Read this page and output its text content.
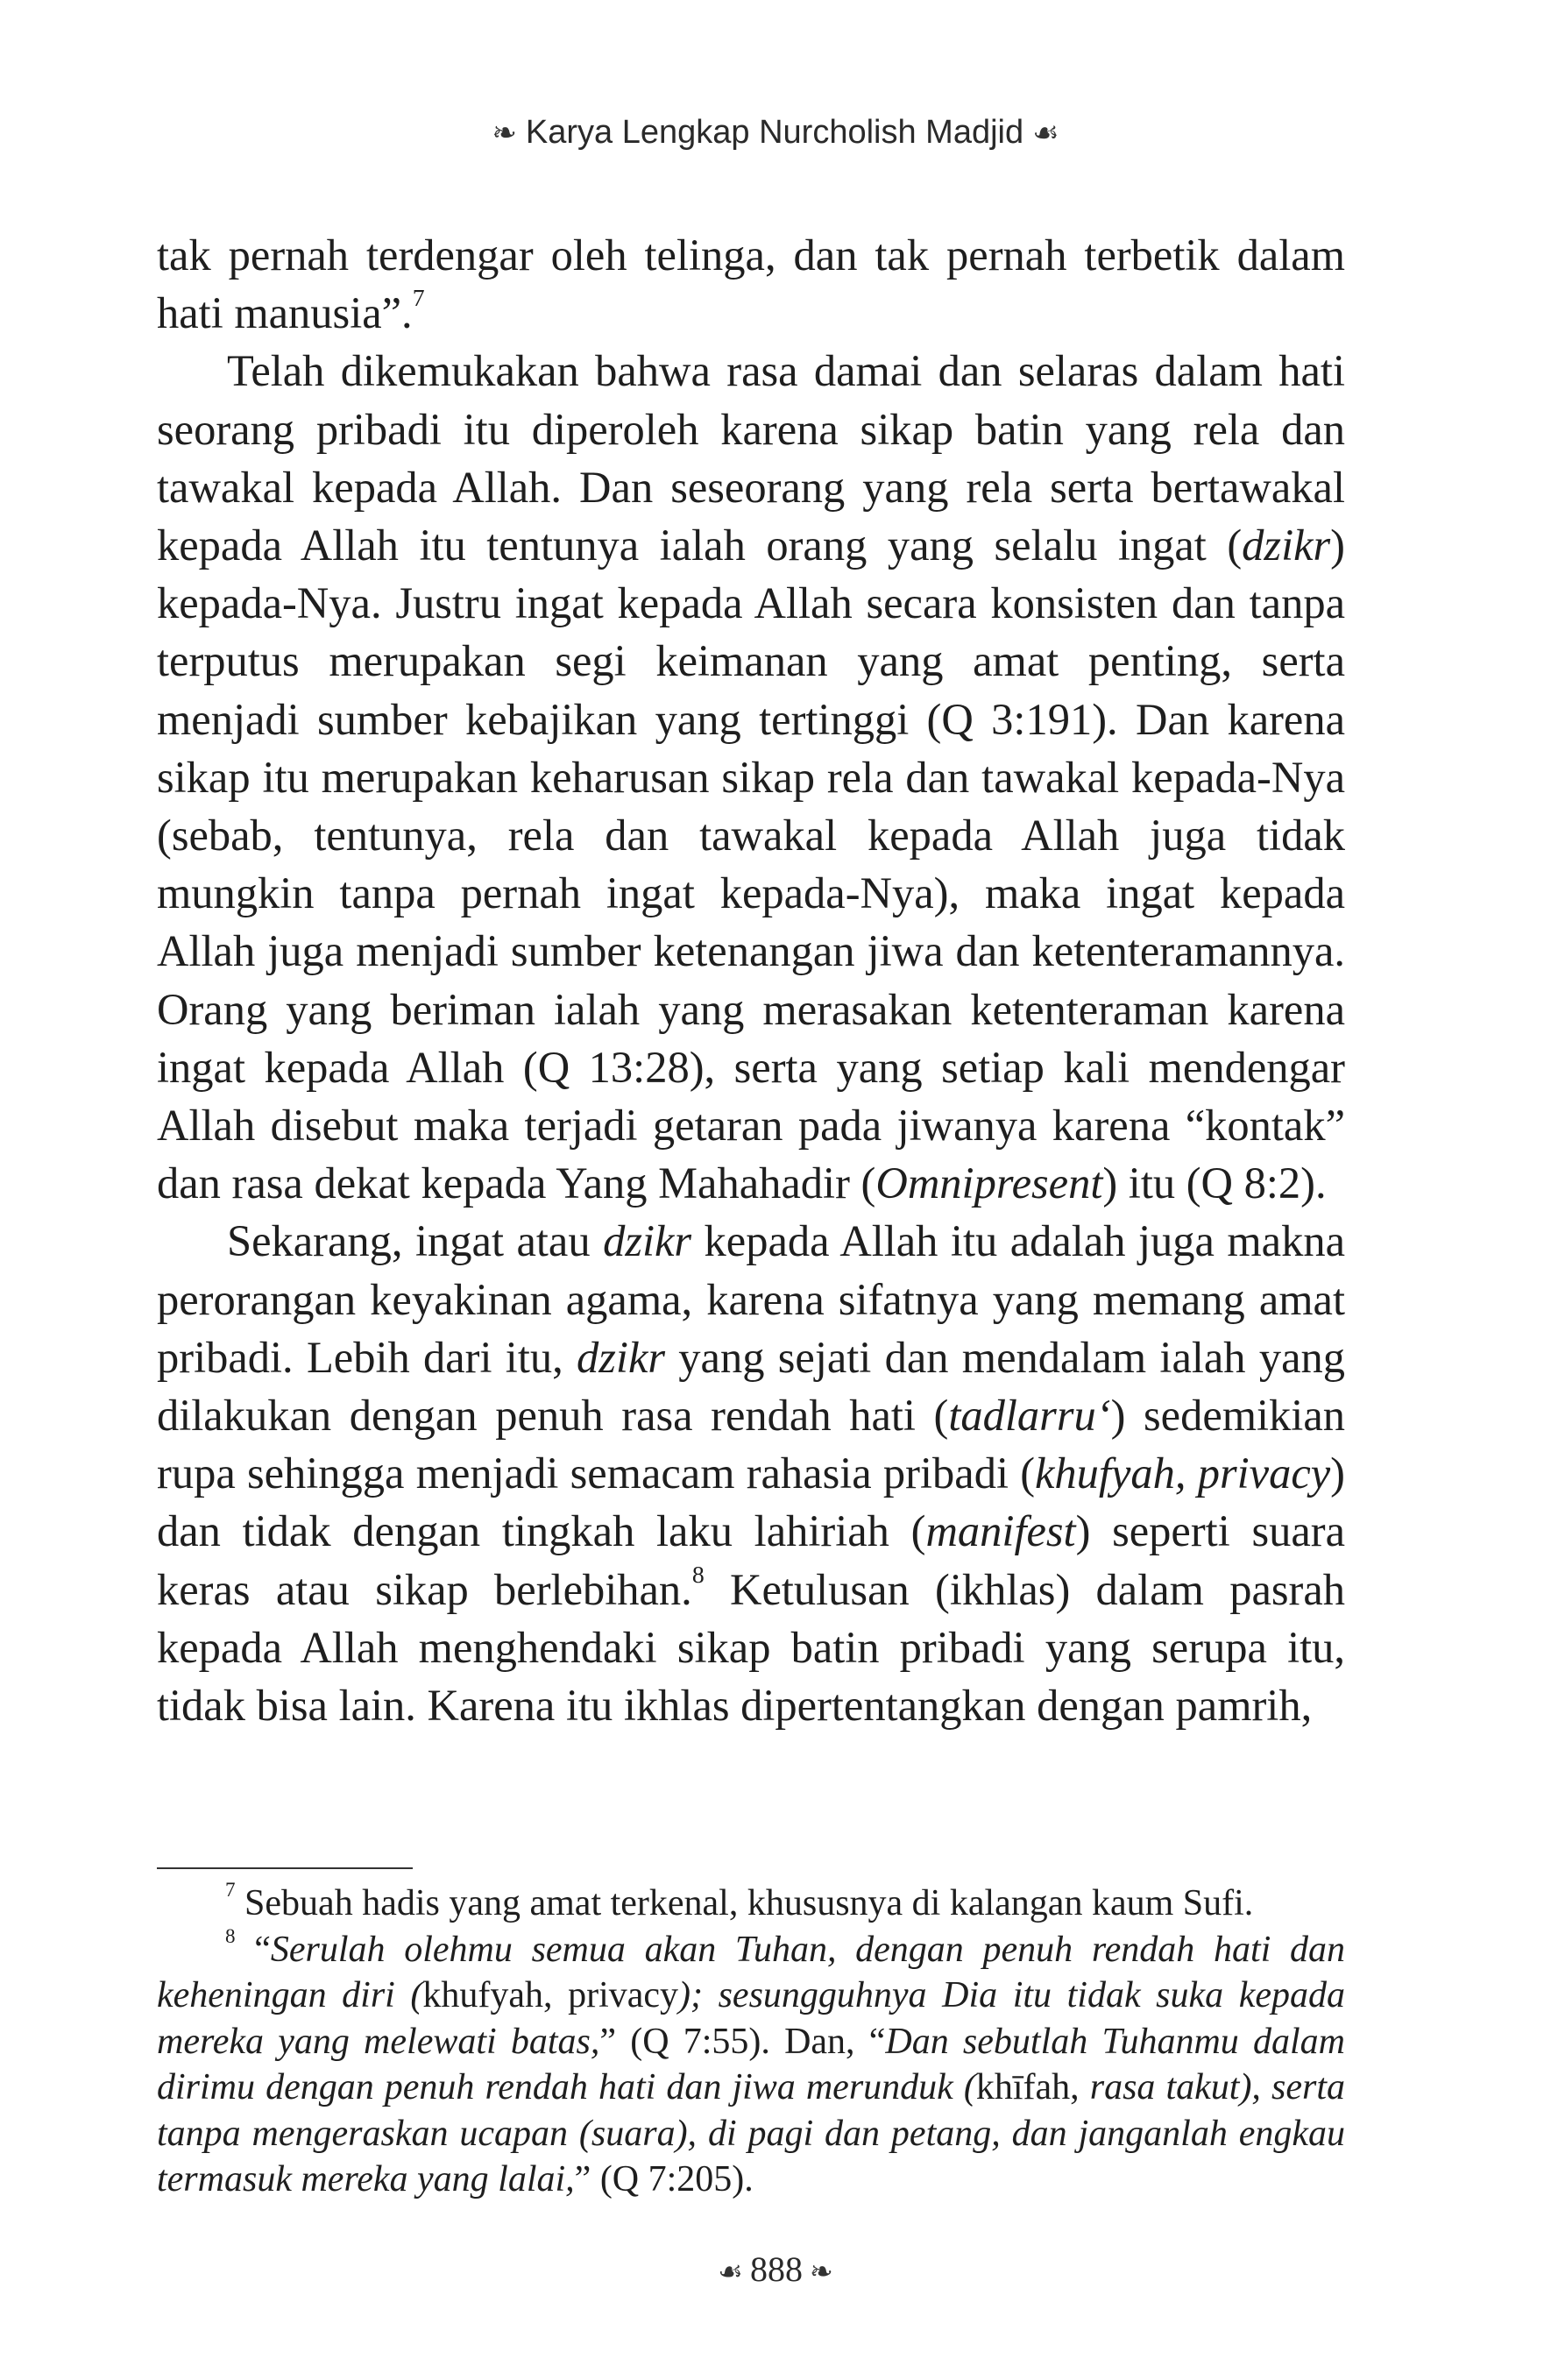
❧ Karya Lengkap Nurcholish Madjid ☙

tak pernah terdengar oleh telinga, dan tak pernah terbetik dalam hati manusia”.$^7$

Telah dikemukakan bahwa rasa damai dan selaras dalam hati seorang pribadi itu diperoleh karena sikap batin yang rela dan tawakal kepada Allah. Dan seseorang yang rela serta bertawakal kepada Allah itu tentunya ialah orang yang selalu ingat (dzikr) kepada-Nya. Justru ingat kepada Allah secara konsisten dan tanpa terputus merupakan segi keimanan yang amat penting, serta menjadi sumber kebajikan yang tertinggi (Q 3:191). Dan karena sikap itu merupakan keharusan sikap rela dan tawakal kepada-Nya (sebab, tentunya, rela dan tawakal kepada Allah juga tidak mungkin tanpa pernah ingat kepada-Nya), maka ingat kepada Allah juga menjadi sumber ketenangan jiwa dan ketenteramannya. Orang yang beriman ialah yang merasakan ketenteraman karena ingat kepada Allah (Q 13:28), serta yang setiap kali mendengar Allah disebut maka terjadi getaran pada jiwanya karena “kontak” dan rasa dekat kepada Yang Mahahadir (Omnipresent) itu (Q 8:2).

Sekarang, ingat atau dzikr kepada Allah itu adalah juga makna perorangan keyakinan agama, karena sifatnya yang memang amat pribadi. Lebih dari itu, dzikr yang sejati dan mendalam ialah yang dilakukan dengan penuh rasa rendah hati (tadlarru‘) sedemikian rupa sehingga menjadi semacam rahasia pribadi (khufyah, privacy) dan tidak dengan tingkah laku lahiriah (manifest) seperti suara keras atau sikap berlebihan.$^8$ Ketulusan (ikhlas) dalam pasrah kepada Allah menghendaki sikap batin pribadi yang serupa itu, tidak bisa lain. Karena itu ikhlas dipertentangkan dengan pamrih,

$^7$ Sebuah hadis yang amat terkenal, khususnya di kalangan kaum Sufi.

$^8$ “Serulah olehmu semua akan Tuhan, dengan penuh rendah hati dan keheningan diri (khufyah, privacy); sesungguhnya Dia itu tidak suka kepada mereka yang melewati batas,” (Q 7:55). Dan, “Dan sebutlah Tuhanmu dalam dirimu dengan penuh rendah hati dan jiwa merunduk (khīfah, rasa takut), serta tanpa mengeraskan ucapan (suara), di pagi dan petang, dan janganlah engkau termasuk mereka yang lalai,” (Q 7:205).

☙ 888 ❧
